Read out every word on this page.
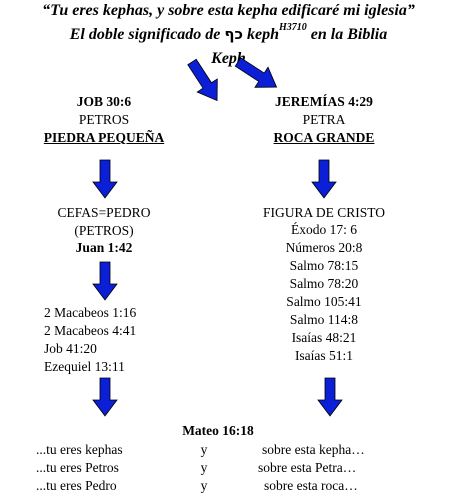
“Tu eres kephas, y sobre esta kepha edificaré mi iglesia”
El doble significado de כף keph$^{H3710}$ en la Biblia
Keph
JOB 30:6
PETROS
PIEDRA PEQUEÑA
CEFAS=PEDRO
(PETROS)
Juan 1:42
2 Macabeos 1:16
2 Macabeos 4:41
Job 41:20
Ezequiel 13:11
JEREMÍAS 4:29
PETRA
ROCA GRANDE
FIGURA DE CRISTO
Éxodo 17: 6
Números 20:8
Salmo 78:15
Salmo 78:20
Salmo 105:41
Salmo 114:8
Isaías 48:21
Isaías 51:1
Mateo 16:18
...tu eres kephas	y	sobre esta kepha…
...tu eres Petros	y	sobre esta Petra…
...tu eres Pedro	y	sobre esta roca…
